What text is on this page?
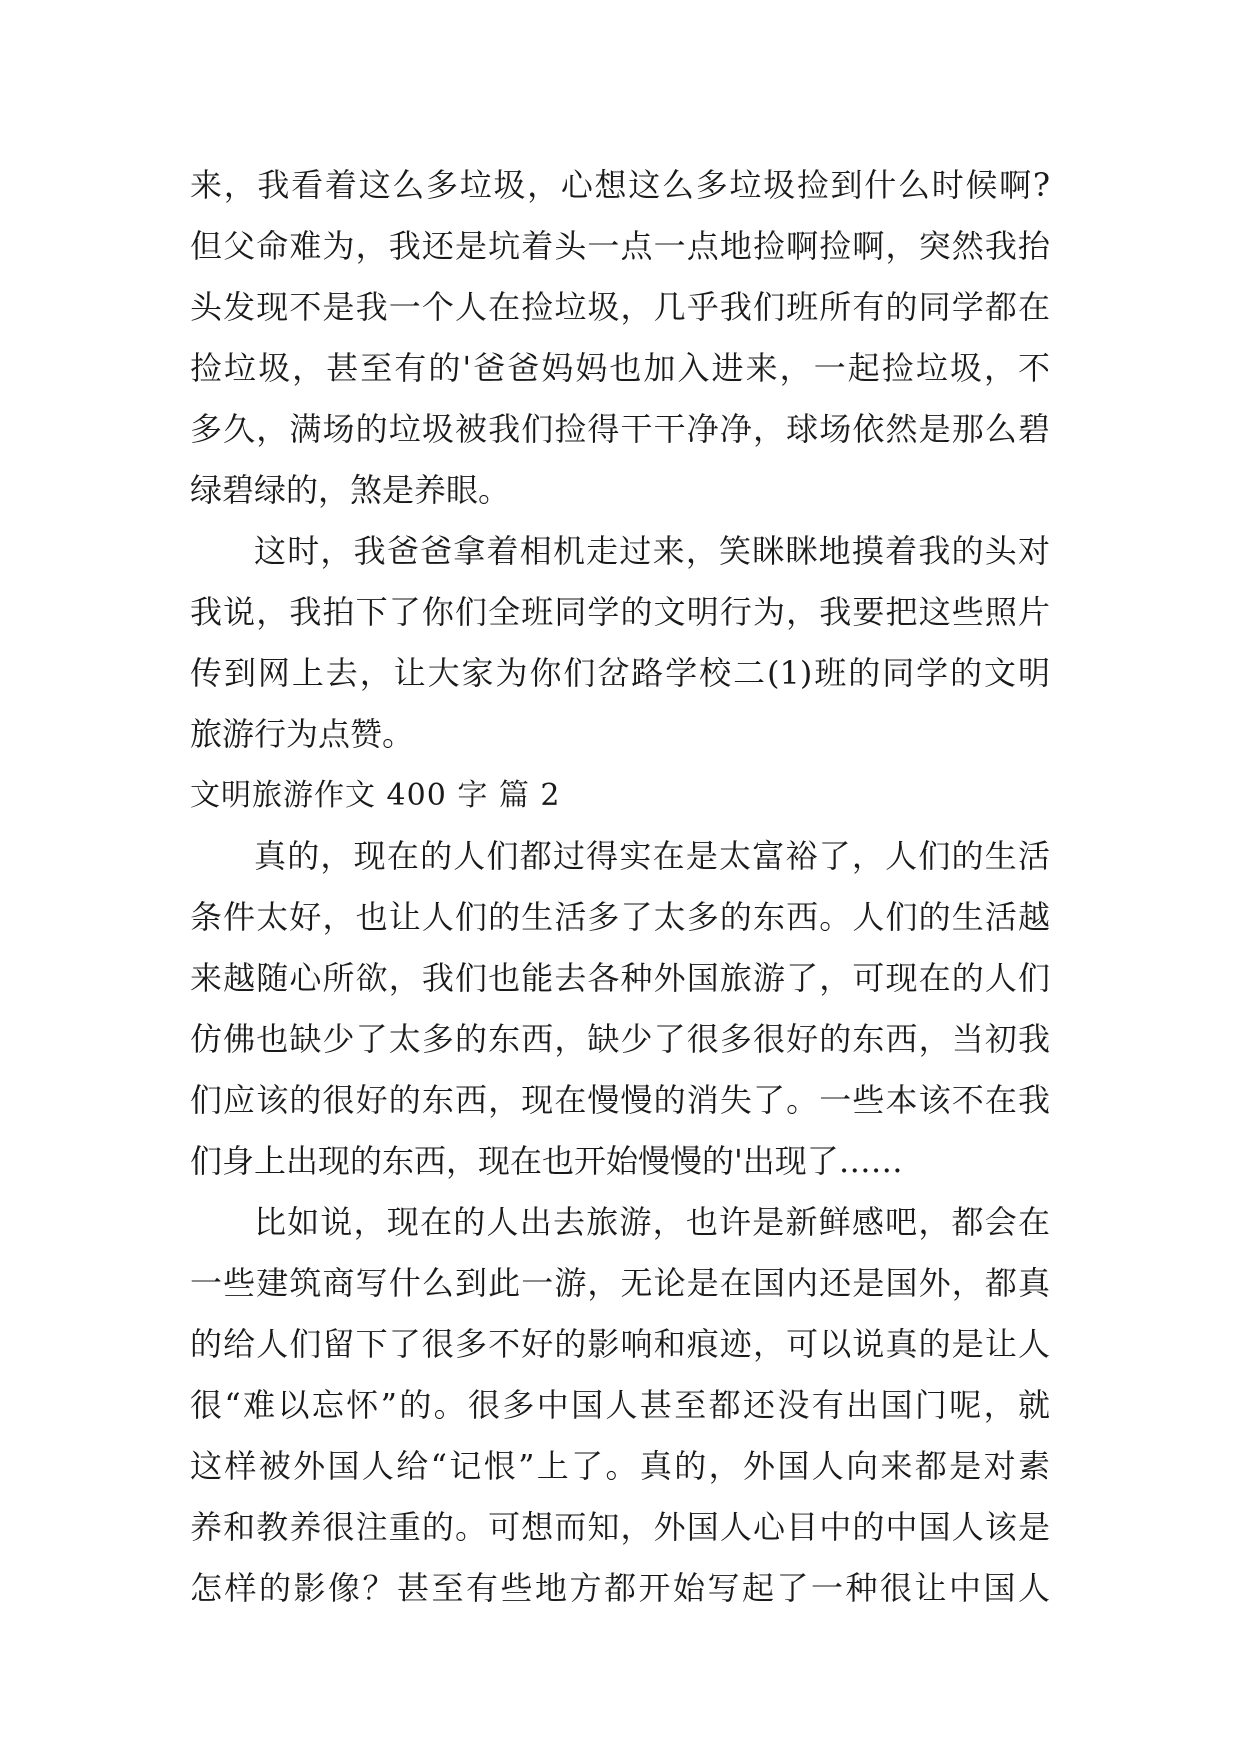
来，我看着这么多垃圾，心想这么多垃圾捡到什么时候啊?
但父命难为，我还是坑着头一点一点地捡啊捡啊，突然我抬
头发现不是我一个人在捡垃圾，几乎我们班所有的同学都在
捡垃圾，甚至有的'爸爸妈妈也加入进来，一起捡垃圾，不
多久，满场的垃圾被我们捡得干干净净，球场依然是那么碧
绿碧绿的，煞是养眼。
这时，我爸爸拿着相机走过来，笑眯眯地摸着我的头对
我说，我拍下了你们全班同学的文明行为，我要把这些照片
传到网上去，让大家为你们岔路学校二(1)班的同学的文明
旅游行为点赞。
文明旅游作文 400 字 篇 2
真的，现在的人们都过得实在是太富裕了，人们的生活
条件太好，也让人们的生活多了太多的东西。人们的生活越
来越随心所欲，我们也能去各种外国旅游了，可现在的人们
仿佛也缺少了太多的东西，缺少了很多很好的东西，当初我
们应该的很好的东西，现在慢慢的消失了。一些本该不在我
们身上出现的东西，现在也开始慢慢的'出现了……
比如说，现在的人出去旅游，也许是新鲜感吧，都会在
一些建筑商写什么到此一游，无论是在国内还是国外，都真
的给人们留下了很多不好的影响和痕迹，可以说真的是让人
很“难以忘怀”的。很多中国人甚至都还没有出国门呢，就
这样被外国人给“记恨”上了。真的，外国人向来都是对素
养和教养很注重的。可想而知，外国人心目中的中国人该是
怎样的影像？甚至有些地方都开始写起了一种很让中国人
